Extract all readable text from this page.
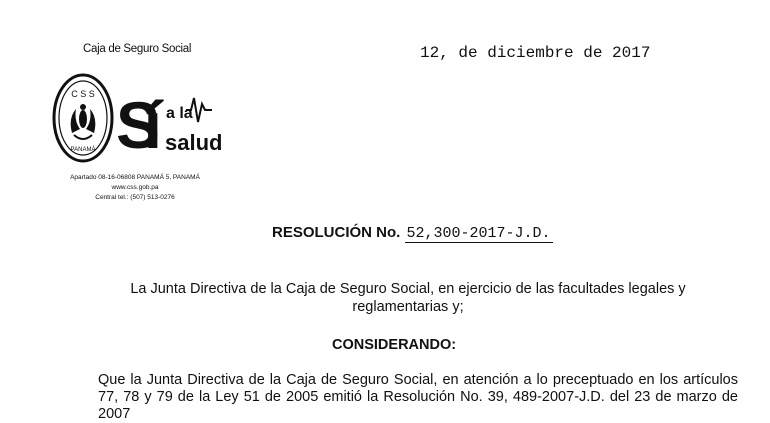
Caja de Seguro Social	12, de diciembre de 2017
C S S
PANAMÁ Sí a la
salud
Apartado 08-16-06808 PANAMÁ 5, PANAMÁ
www.css.gob.pa
Central tel.: (507) 513-0276
RESOLUCIÓN No. 52,300-2017-J.D.
La Junta Directiva de la Caja de Seguro Social, en ejercicio de las facultades legales y reglamentarias y;
CONSIDERANDO:
Que la Junta Directiva de la Caja de Seguro Social, en atención a lo preceptuado en los artículos 77, 78 y 79 de la Ley 51 de 2005 emitió la Resolución No. 39, 489-2007-J.D. del 23 de marzo de 2007
